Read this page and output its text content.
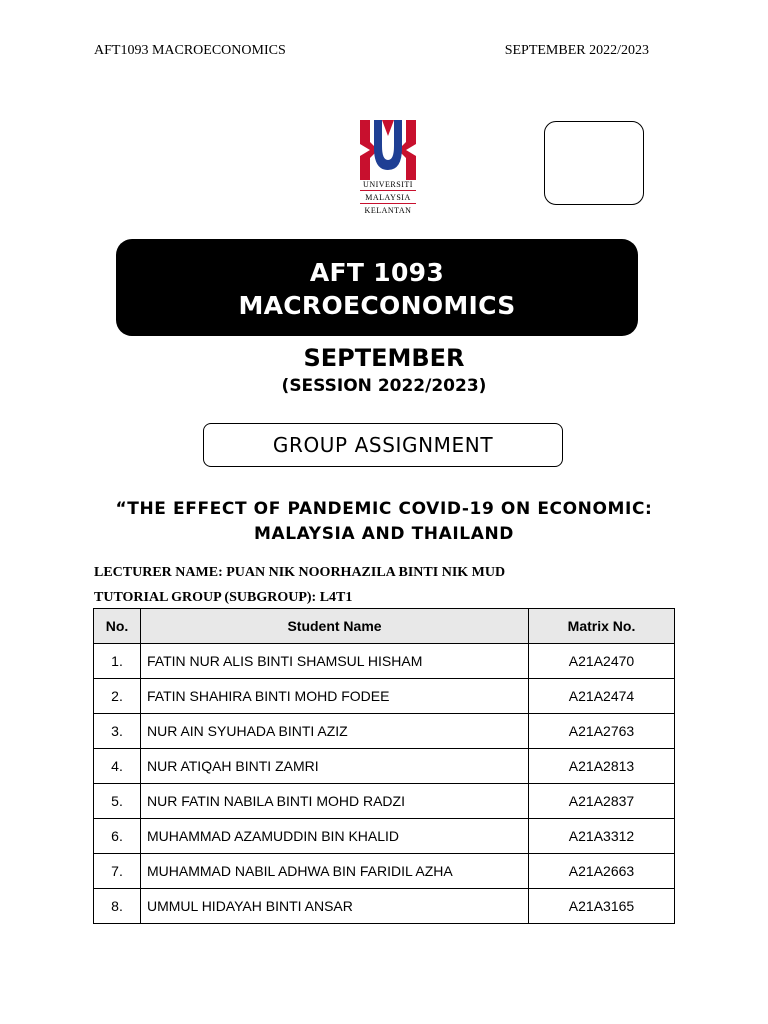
AFT1093 MACROECONOMICS	SEPTEMBER 2022/2023
UNIVERSITI
MALAYSIA
KELANTAN
AFT 1093
MACROECONOMICS
SEPTEMBER
(SESSION 2022/2023)
GROUP ASSIGNMENT
“THE EFFECT OF PANDEMIC COVID-19 ON ECONOMIC:
MALAYSIA AND THAILAND
LECTURER NAME: PUAN NIK NOORHAZILA BINTI NIK MUD
TUTORIAL GROUP (SUBGROUP): L4T1
No.	Student Name	Matrix No.
1.	FATIN NUR ALIS BINTI SHAMSUL HISHAM	A21A2470
2.	FATIN SHAHIRA BINTI MOHD FODEE	A21A2474
3.	NUR AIN SYUHADA BINTI AZIZ	A21A2763
4.	NUR ATIQAH BINTI ZAMRI	A21A2813
5.	NUR FATIN NABILA BINTI MOHD RADZI	A21A2837
6.	MUHAMMAD AZAMUDDIN BIN KHALID	A21A3312
7.	MUHAMMAD NABIL ADHWA BIN FARIDIL AZHA	A21A2663
8.	UMMUL HIDAYAH BINTI ANSAR	A21A3165
